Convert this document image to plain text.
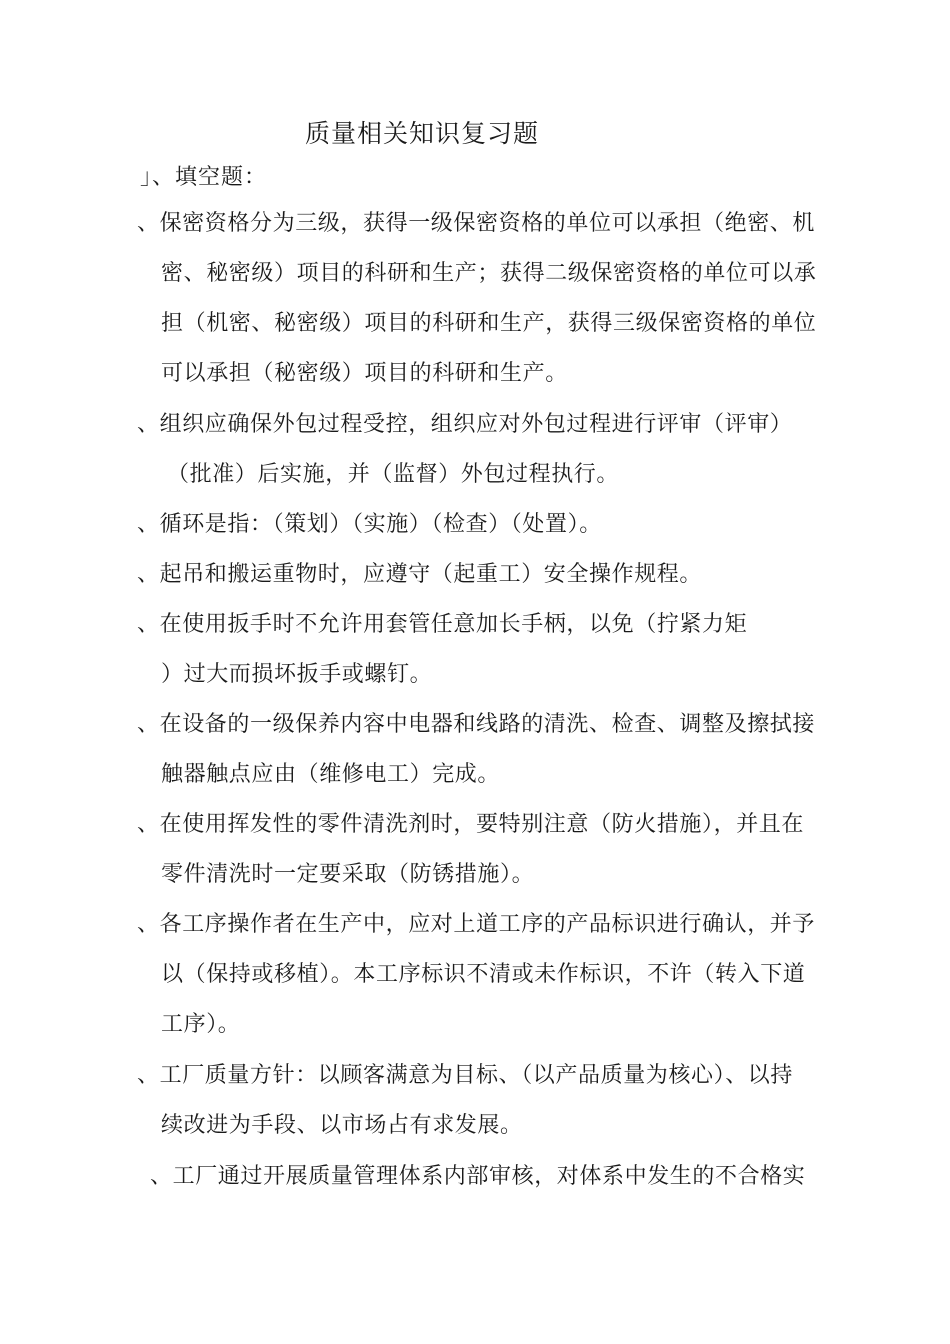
质量相关知识复习题
」、填空题：
、保密资格分为三级，获得一级保密资格的单位可以承担（绝密、机
密、秘密级）项目的科研和生产；获得二级保密资格的单位可以承
担（机密、秘密级）项目的科研和生产，获得三级保密资格的单位
可以承担（秘密级）项目的科研和生产。
、组织应确保外包过程受控，组织应对外包过程进行评审（评审）
（批准）后实施，并（监督）外包过程执行。
、循环是指：（策划）（实施）（检查）（处置）。
、起吊和搬运重物时，应遵守（起重工）安全操作规程。
、在使用扳手时不允许用套管任意加长手柄，以免（拧紧力矩
）过大而损坏扳手或螺钉。
、在设备的一级保养内容中电器和线路的清洗、检查、调整及擦拭接
触器触点应由（维修电工）完成。
、在使用挥发性的零件清洗剂时，要特别注意（防火措施），并且在
零件清洗时一定要采取（防锈措施）。
、各工序操作者在生产中，应对上道工序的产品标识进行确认，并予
以（保持或移植）。本工序标识不清或未作标识，不许（转入下道
工序）。
、工厂质量方针：以顾客满意为目标、（以产品质量为核心）、以持
续改进为手段、以市场占有求发展。
、工厂通过开展质量管理体系内部审核，对体系中发生的不合格实
